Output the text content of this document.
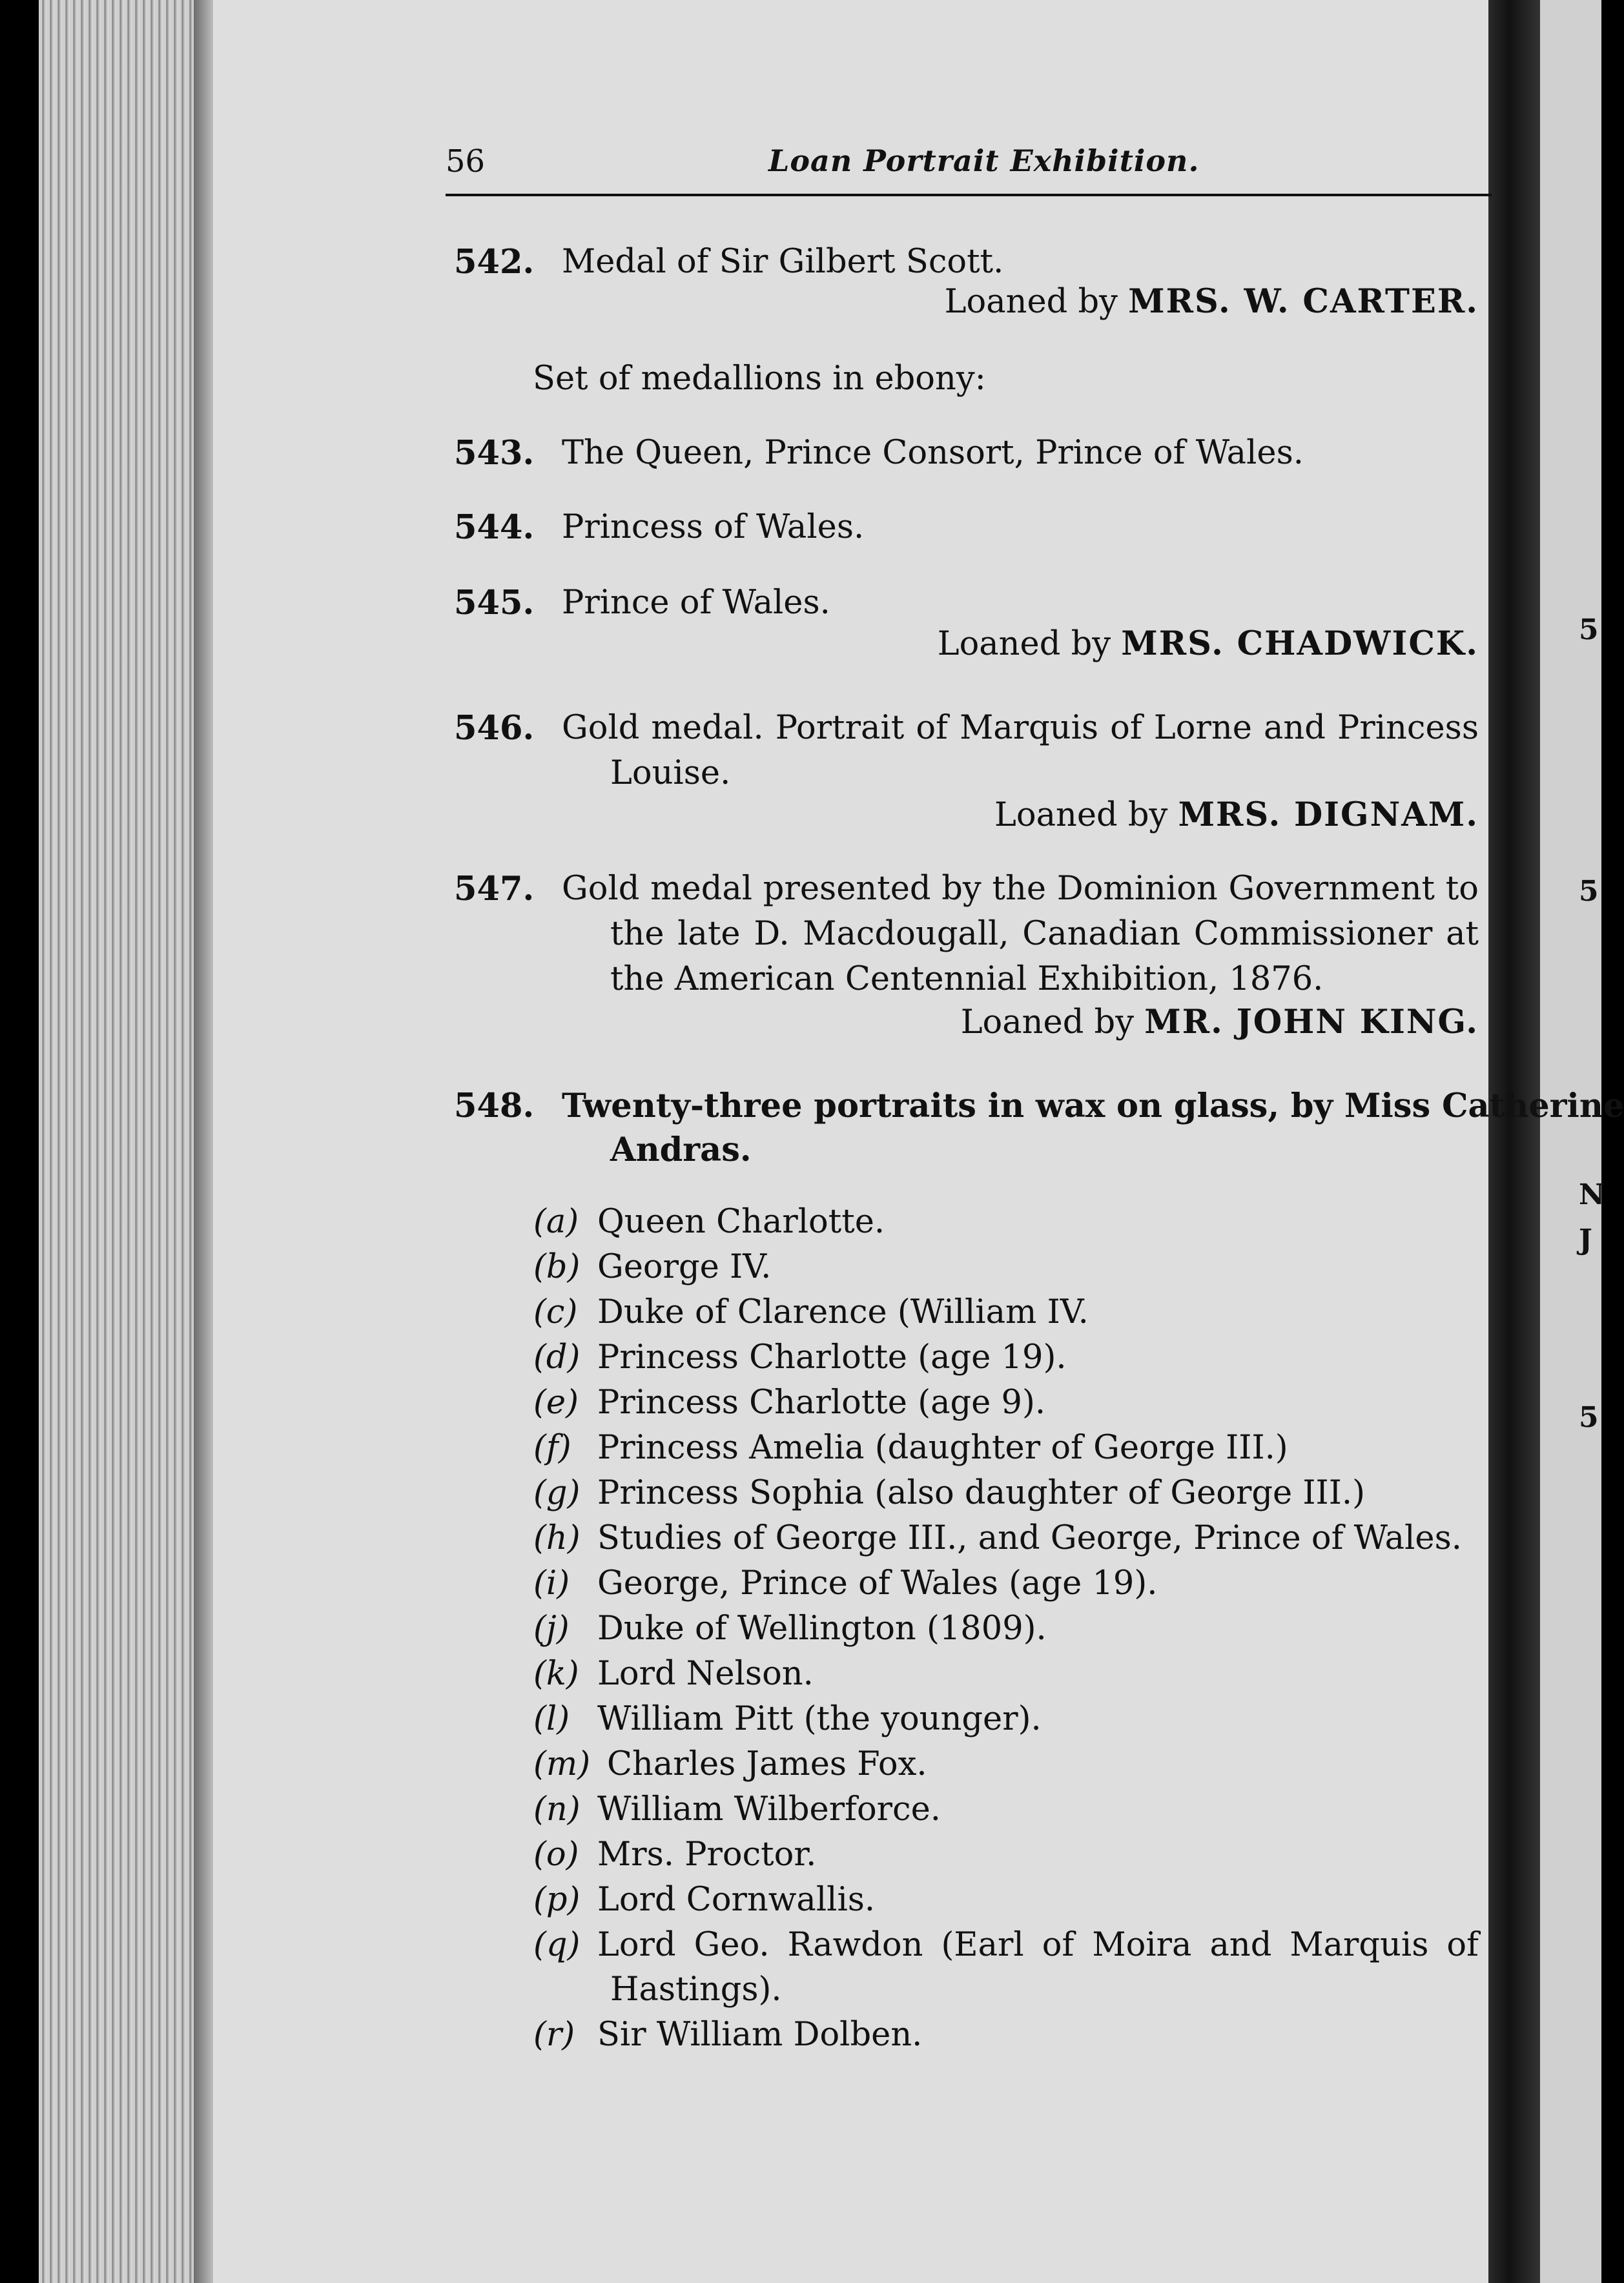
5
5
N
J
5
56	Loan Portrait Exhibition.
542. Medal of Sir Gilbert Scott.
Loaned by MRS. W. CARTER.
Set of medallions in ebony:
543. The Queen, Prince Consort, Prince of Wales.
544. Princess of Wales.
545. Prince of Wales.
Loaned by MRS. CHADWICK.
546. Gold medal. Portrait of Marquis of Lorne and Princess
Louise.
Loaned by MRS. DIGNAM.
547. Gold medal presented by the Dominion Government to
the late D. Macdougall, Canadian Commissioner at
the American Centennial Exhibition, 1876.
Loaned by MR. JOHN KING.
548. Twenty-three portraits in wax on glass, by Miss Catherine
Andras.
(a) Queen Charlotte.
(b) George IV.
(c) Duke of Clarence (William IV.
(d) Princess Charlotte (age 19).
(e) Princess Charlotte (age 9).
(f) Princess Amelia (daughter of George III.)
(g) Princess Sophia (also daughter of George III.)
(h) Studies of George III., and George, Prince of Wales.
(i) George, Prince of Wales (age 19).
(j) Duke of Wellington (1809).
(k) Lord Nelson.
(l) William Pitt (the younger).
(m) Charles James Fox.
(n) William Wilberforce.
(o) Mrs. Proctor.
(p) Lord Cornwallis.
(q) Lord Geo. Rawdon (Earl of Moira and Marquis of
Hastings).
(r) Sir William Dolben.
